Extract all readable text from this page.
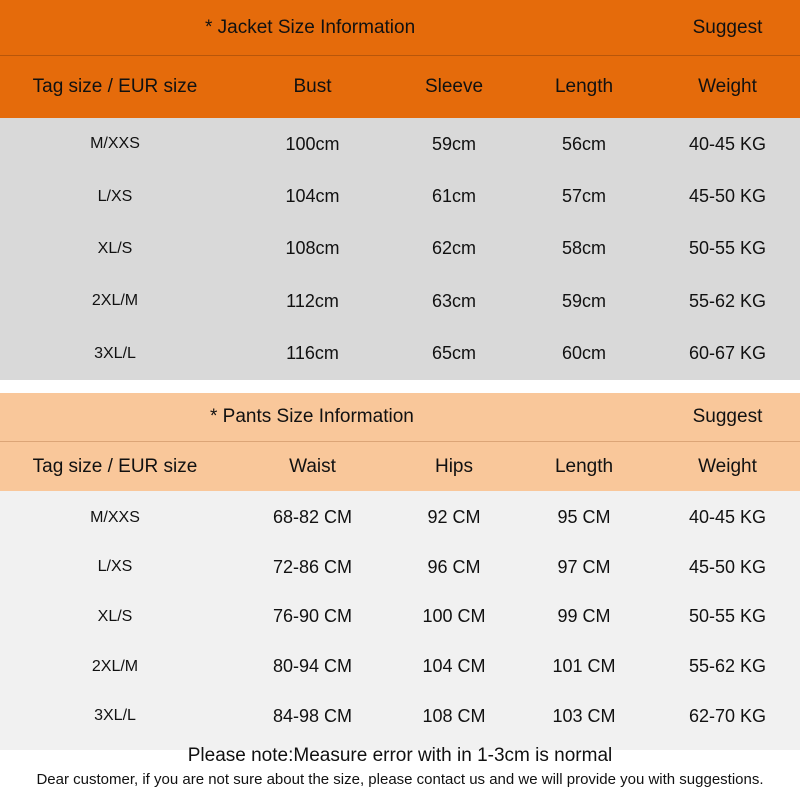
* Jacket Size Information	Suggest
Tag size / EUR size	Bust	Sleeve	Length	Weight
M/XXS	100cm	59cm	56cm	40-45 KG
L/XS	104cm	61cm	57cm	45-50 KG
XL/S	108cm	62cm	58cm	50-55 KG
2XL/M	112cm	63cm	59cm	55-62 KG
3XL/L	116cm	65cm	60cm	60-67 KG
* Pants Size Information	Suggest
Tag size / EUR size	Waist	Hips	Length	Weight
M/XXS	68-82 CM	92 CM	95 CM	40-45 KG
L/XS	72-86 CM	96 CM	97 CM	45-50 KG
XL/S	76-90 CM	100 CM	99 CM	50-55 KG
2XL/M	80-94 CM	104 CM	101 CM	55-62 KG
3XL/L	84-98 CM	108 CM	103 CM	62-70 KG
Please note:Measure error with in 1-3cm is normal
Dear customer, if you are not sure about the size, please contact us and we will provide you with suggestions.
